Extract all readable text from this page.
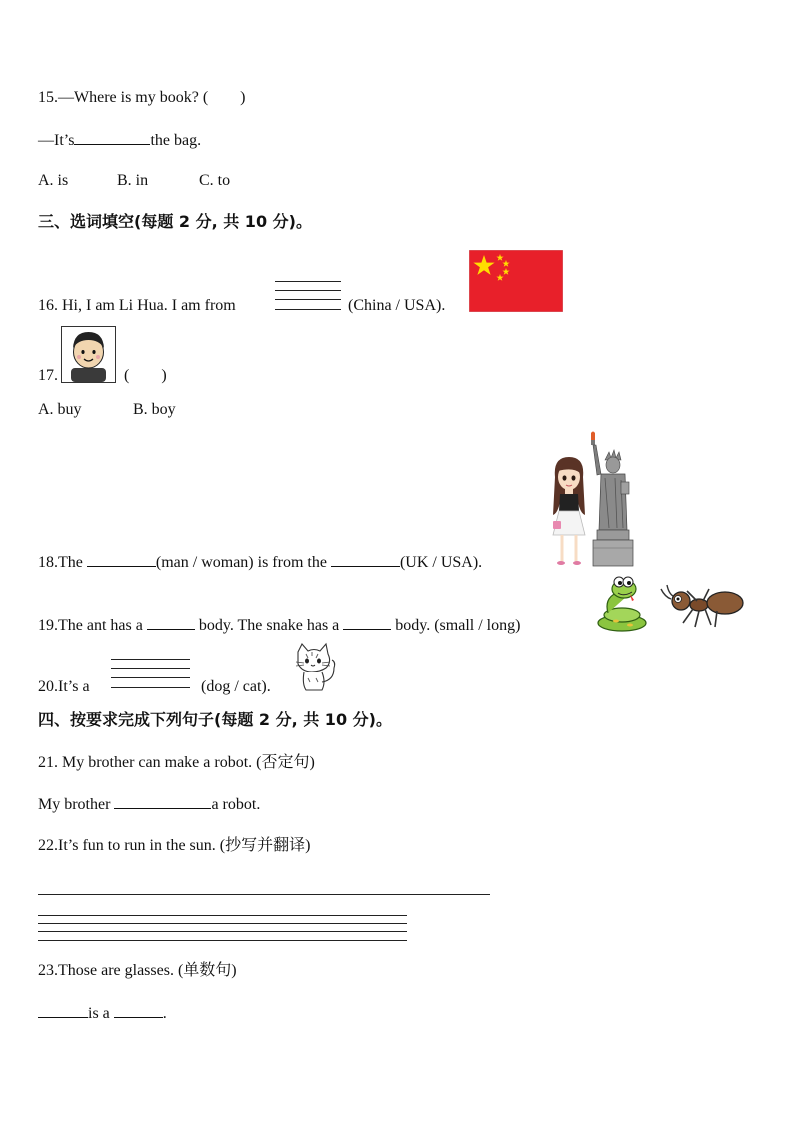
15.—Where is my book? (　　)
—It’s	the bag.
A. is	B. in	C. to
三、选词填空(每题 2 分, 共 10 分)。
16. Hi, I am Li Hua. I am from	(China / USA).
17.	(　　)
A. buy	B. boy
18.The	(man / woman) is from the	(UK / USA).
19.The ant has a	body. The snake has a	body. (small / long)
20.It’s a	(dog / cat).
四、按要求完成下列句子(每题 2 分, 共 10 分)。
21. My brother can make a robot. (否定句)
My brother	a robot.
22.It’s fun to run in the sun. (抄写并翻译)
23.Those are glasses. (单数句)
is a	.
